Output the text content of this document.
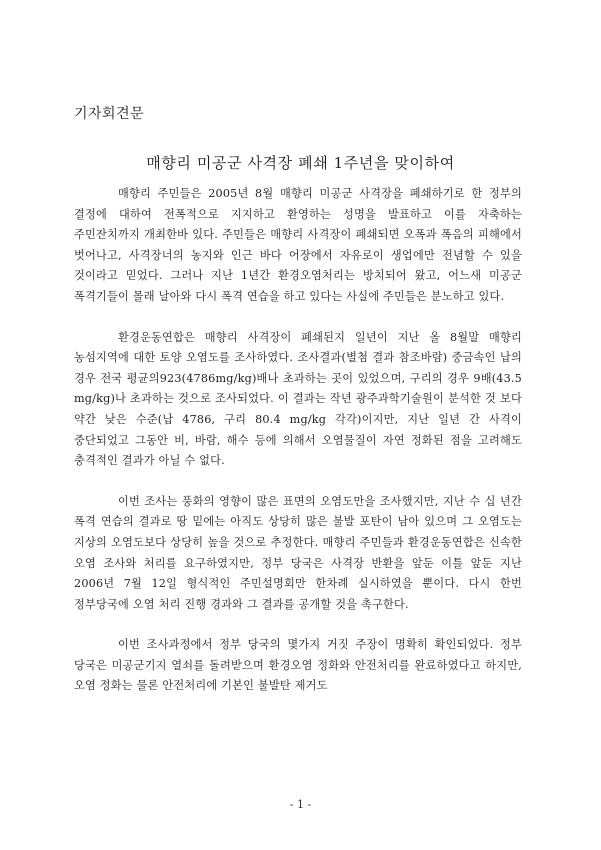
기자회견문
매향리 미공군 사격장 폐쇄 1주년을 맞이하여

매향리 주민들은 2005년 8월 매향리 미공군 사격장을 폐쇄하기로 한 정부의 결정에 대하여 전폭적으로 지지하고 환영하는 성명을 발표하고 이를 자축하는 주민잔치까지 개최한바 있다. 주민들은 매향리 사격장이 폐쇄되면 오폭과 폭음의 피해에서 벗어나고, 사격장너의 농지와 인근 바다 어장에서 자유로이 생업에만 전념할 수 있을 것이라고 믿었다. 그러나 지난 1년간 환경오염처리는 방치되어 왔고, 어느새 미공군 폭격기들이 몰래 날아와 다시 폭격 연습을 하고 있다는 사실에 주민들은 분노하고 있다.

환경운동연합은 매향리 사격장이 폐쇄된지 일년이 지난 올 8월말 매향리 농섬지역에 대한 토양 오염도를 조사하였다. 조사결과(별첨 결과 참조바람) 중금속인 납의 경우 전국 평균의923(4786mg/kg)배나 초과하는 곳이 있었으며, 구리의 경우 9배(43.5 mg/kg)나 초과하는 것으로 조사되었다. 이 결과는 작년 광주과학기술원이 분석한 것 보다 약간 낮은 수준(납 4786, 구리 80.4 mg/kg 각각)이지만, 지난 일년 간 사격이 중단되었고 그동안 비, 바람, 해수 등에 의해서 오염물질이 자연 정화된 점을 고려해도 충격적인 결과가 아닐 수 없다.

이번 조사는 풍화의 영향이 많은 표면의 오염도만을 조사했지만, 지난 수 십 년간 폭격 연습의 결과로 땅 밑에는 아직도 상당히 많은 불발 포탄이 남아 있으며 그 오염도는 지상의 오염도보다 상당히 높을 것으로 추정한다. 매향리 주민들과 환경운동연합은 신속한 오염 조사와 처리를 요구하였지만, 정부 당국은 사격장 반환을 앞둔 이틀 앞둔 지난 2006년 7월 12일 형식적인 주민설명회만 한차례 실시하였을 뿐이다. 다시 한번 정부당국에 오염 처리 진행 경과와 그 결과를 공개할 것을 촉구한다.

이번 조사과정에서 정부 당국의 몇가지 거짓 주장이 명확히 확인되었다. 정부 당국은 미공군기지 열쇠를 돌려받으며 환경오염 정화와 안전처리를 완료하였다고 하지만, 오염 정화는 물론 안전처리에 기본인 불발탄 제거도

- 1 -
